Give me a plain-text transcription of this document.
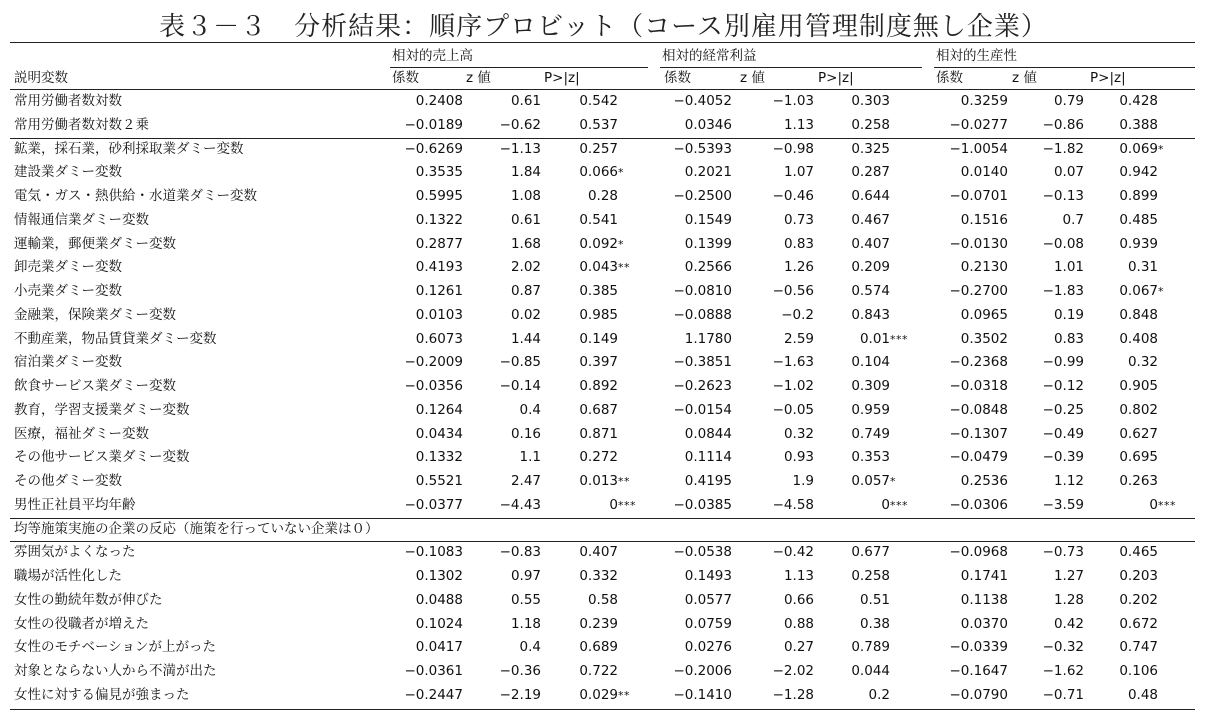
表３－３　分析結果：順序プロビット（コース別雇用管理制度無し企業）
相対的売上高	相対的経常利益	相対的生産性
説明変数	係数	z 値	P>|z|	係数	z 値	P>|z|	係数	z 値	P>|z|
常用労働者数対数	0.2408	0.61	0.542	−0.4052	−1.03	0.303	0.3259	0.79	0.428
常用労働者数対数２乗	−0.0189	−0.62	0.537	0.0346	1.13	0.258	−0.0277	−0.86	0.388
鉱業，採石業，砂利採取業ダミー変数	−0.6269	−1.13	0.257	−0.5393	−0.98	0.325	−1.0054	−1.82	0.069 *
建設業ダミー変数	0.3535	1.84	0.066 *	0.2021	1.07	0.287	0.0140	0.07	0.942
電気・ガス・熱供給・水道業ダミー変数	0.5995	1.08	0.28	−0.2500	−0.46	0.644	−0.0701	−0.13	0.899
情報通信業ダミー変数	0.1322	0.61	0.541	0.1549	0.73	0.467	0.1516	0.7	0.485
運輸業，郵便業ダミー変数	0.2877	1.68	0.092 *	0.1399	0.83	0.407	−0.0130	−0.08	0.939
卸売業ダミー変数	0.4193	2.02	0.043 **	0.2566	1.26	0.209	0.2130	1.01	0.31
小売業ダミー変数	0.1261	0.87	0.385	−0.0810	−0.56	0.574	−0.2700	−1.83	0.067 *
金融業，保険業ダミー変数	0.0103	0.02	0.985	−0.0888	−0.2	0.843	0.0965	0.19	0.848
不動産業，物品賃貸業ダミー変数	0.6073	1.44	0.149	1.1780	2.59	0.01 ***	0.3502	0.83	0.408
宿泊業ダミー変数	−0.2009	−0.85	0.397	−0.3851	−1.63	0.104	−0.2368	−0.99	0.32
飲食サービス業ダミー変数	−0.0356	−0.14	0.892	−0.2623	−1.02	0.309	−0.0318	−0.12	0.905
教育，学習支援業ダミー変数	0.1264	0.4	0.687	−0.0154	−0.05	0.959	−0.0848	−0.25	0.802
医療，福祉ダミー変数	0.0434	0.16	0.871	0.0844	0.32	0.749	−0.1307	−0.49	0.627
その他サービス業ダミー変数	0.1332	1.1	0.272	0.1114	0.93	0.353	−0.0479	−0.39	0.695
その他ダミー変数	0.5521	2.47	0.013 **	0.4195	1.9	0.057 *	0.2536	1.12	0.263
男性正社員平均年齢	−0.0377	−4.43	0 ***	−0.0385	−4.58	0 ***	−0.0306	−3.59	0 ***
均等施策実施の企業の反応（施策を行っていない企業は０）
雰囲気がよくなった	−0.1083	−0.83	0.407	−0.0538	−0.42	0.677	−0.0968	−0.73	0.465
職場が活性化した	0.1302	0.97	0.332	0.1493	1.13	0.258	0.1741	1.27	0.203
女性の勤続年数が伸びた	0.0488	0.55	0.58	0.0577	0.66	0.51	0.1138	1.28	0.202
女性の役職者が増えた	0.1024	1.18	0.239	0.0759	0.88	0.38	0.0370	0.42	0.672
女性のモチベーションが上がった	0.0417	0.4	0.689	0.0276	0.27	0.789	−0.0339	−0.32	0.747
対象とならない人から不満が出た	−0.0361	−0.36	0.722	−0.2006	−2.02	0.044	−0.1647	−1.62	0.106
女性に対する偏見が強まった	−0.2447	−2.19	0.029 **	−0.1410	−1.28	0.2	−0.0790	−0.71	0.48
